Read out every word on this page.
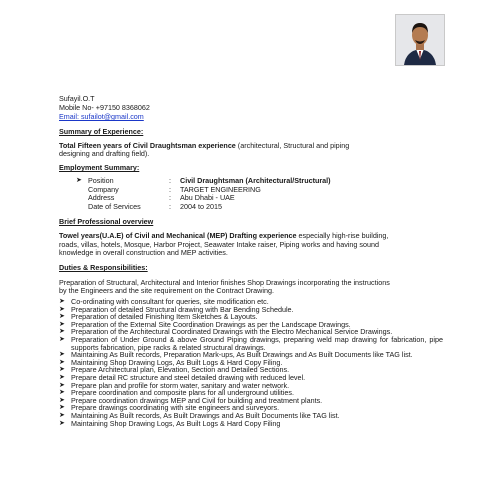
Sufayil.O.T
Mobile No- +97150 8368062
Email: sufailot@gmail.com
Summary of Experience:
Total Fifteen years of Civil Draughtsman experience (architectural, Structural and piping
designing and drafting field).
Employment Summary:
➤ Position	: Civil Draughtsman (Architectural/Structural)
Company	: TARGET ENGINEERING
Address	: Abu Dhabi - UAE
Date of Services	: 2004 to 2015
Brief Professional overview
Towel years(U.A.E) of Civil and Mechanical (MEP) Drafting experience especially high-rise building,
roads, villas, hotels, Mosque, Harbor Project, Seawater Intake raiser, Piping works and having sound
knowledge in overall construction and MEP activities.
Duties & Responsibilities:
Preparation of Structural, Architectural and Interior finishes Shop Drawings incorporating the instructions
by the Engineers and the site requirement on the Contract Drawing.
➤ Co-ordinating with consultant for queries, site modification etc.
➤ Preparation of detailed Structural drawing with Bar Bending Schedule.
➤ Preparation of detailed Finishing Item Sketches & Layouts.
➤ Preparation of the External Site Coordination Drawings as per the Landscape Drawings.
➤ Preparation of the Architectural Coordinated Drawings with the Electro Mechanical Service Drawings.
➤ Preparation of Under Ground & above Ground Piping drawings, preparing weld map drawing for fabrication, pipe supports fabrication, pipe racks & related structural drawings.
➤ Maintaining As Built records, Preparation Mark-ups, As Built Drawings and As Built Documents like TAG list.
➤ Maintaining Shop Drawing Logs, As Built Logs & Hard Copy Filing.
➤ Prepare Architectural plan, Elevation, Section and Detailed Sections.
➤ Prepare detail RC structure and steel detailed drawing with reduced level.
➤ Prepare plan and profile for storm water, sanitary and water network.
➤ Prepare coordination and composite plans for all underground utilities.
➤ Prepare coordination drawings MEP and Civil for building and treatment plants.
➤ Prepare drawings coordinating with site engineers and surveyors.
➤ Maintaining As Built records, As Built Drawings and As Built Documents like TAG list.
➤ Maintaining Shop Drawing Logs, As Built Logs & Hard Copy Filing
